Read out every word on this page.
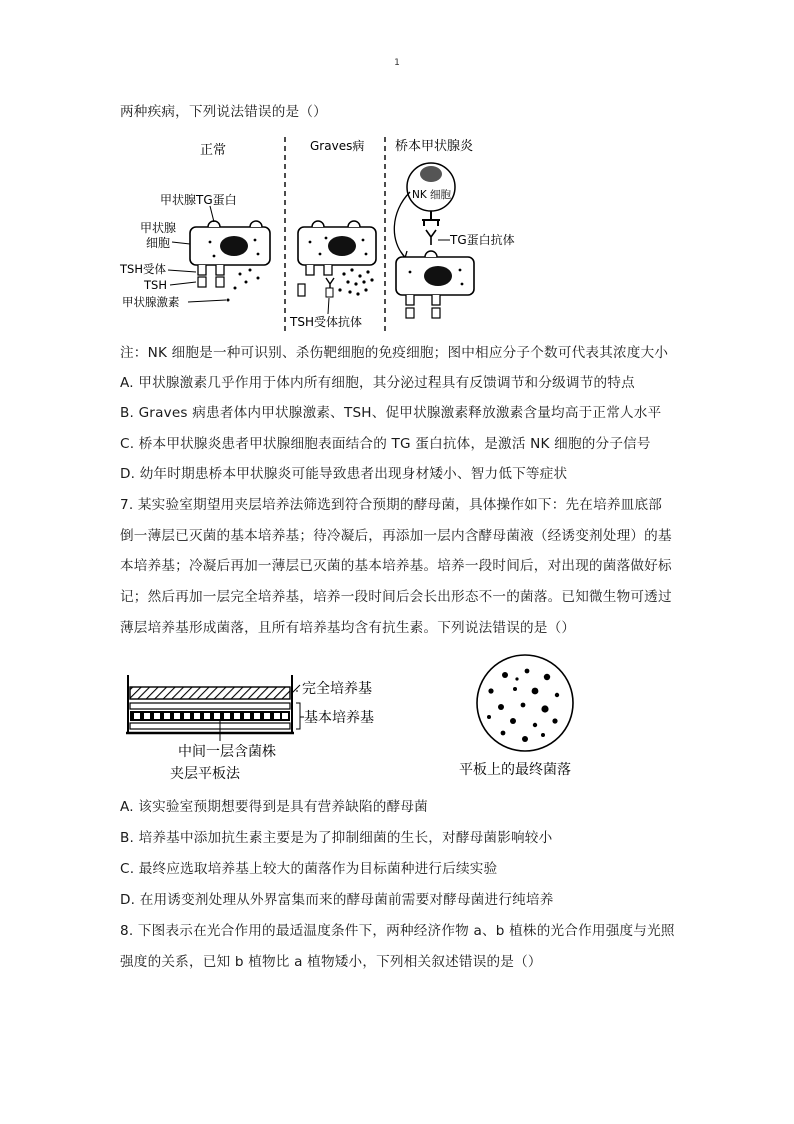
1
两种疾病，下列说法错误的是（）
正常	Graves病 桥本甲状腺炎
甲状腺TG蛋白
甲状腺
细胞
TSH受体
TSH
甲状腺激素
TSH受体抗体
NK 细胞
TG蛋白抗体
注：NK 细胞是一种可识别、杀伤靶细胞的免疫细胞；图中相应分子个数可代表其浓度大小
A. 甲状腺激素几乎作用于体内所有细胞，其分泌过程具有反馈调节和分级调节的特点
B. Graves 病患者体内甲状腺激素、TSH、促甲状腺激素释放激素含量均高于正常人水平
C. 桥本甲状腺炎患者甲状腺细胞表面结合的 TG 蛋白抗体，是激活 NK 细胞的分子信号
D. 幼年时期患桥本甲状腺炎可能导致患者出现身材矮小、智力低下等症状
7. 某实验室期望用夹层培养法筛选到符合预期的酵母菌，具体操作如下：先在培养皿底部
倒一薄层已灭菌的基本培养基；待冷凝后，再添加一层内含酵母菌液（经诱变剂处理）的基
本培养基；冷凝后再加一薄层已灭菌的基本培养基。培养一段时间后，对出现的菌落做好标
记；然后再加一层完全培养基，培养一段时间后会长出形态不一的菌落。已知微生物可透过
薄层培养基形成菌落，且所有培养基均含有抗生素。下列说法错误的是（）
完全培养基
基本培养基
中间一层含菌株
夹层平板法	平板上的最终菌落
A. 该实验室预期想要得到是具有营养缺陷的酵母菌
B. 培养基中添加抗生素主要是为了抑制细菌的生长，对酵母菌影响较小
C. 最终应选取培养基上较大的菌落作为目标菌种进行后续实验
D. 在用诱变剂处理从外界富集而来的酵母菌前需要对酵母菌进行纯培养
8. 下图表示在光合作用的最适温度条件下，两种经济作物 a、b 植株的光合作用强度与光照
强度的关系，已知 b 植物比 a 植物矮小，下列相关叙述错误的是（）
